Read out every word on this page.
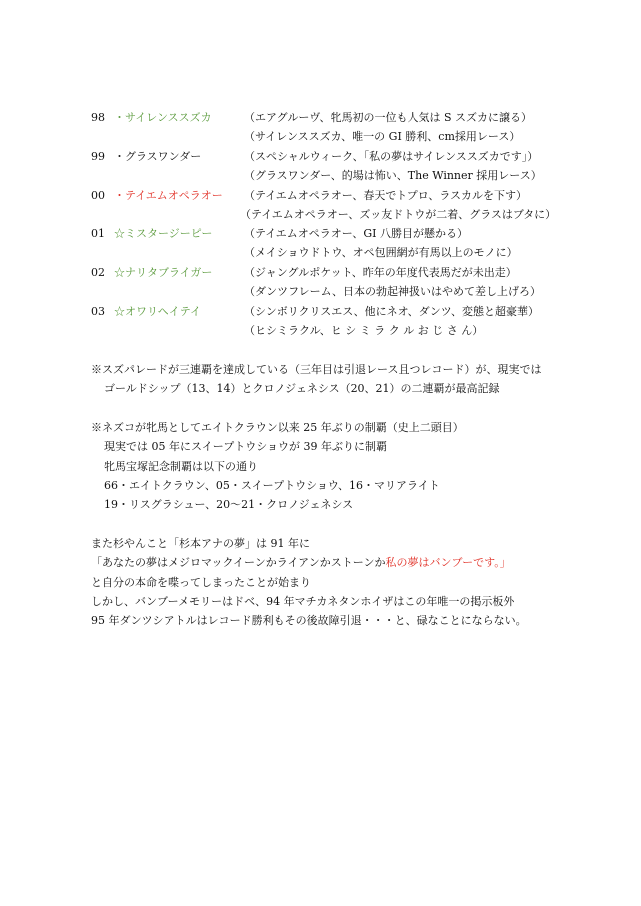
98 ・サイレンススズカ	（エアグルーヴ、牝馬初の一位も人気は S スズカに譲る）
（サイレンススズカ、唯一の GI 勝利、cm採用レース）
99 ・グラスワンダー	（スペシャルウィーク、「私の夢はサイレンススズカです」）
（グラスワンダー、的場は怖い、The Winner 採用レース）
00 ・テイエムオペラオー （テイエムオペラオー、春天でトプロ、ラスカルを下す）
（テイエムオペラオー、ズッ友ドトウが二着、グラスはブタに）
01 ☆ミスタージーピー	（テイエムオペラオー、GI 八勝目が懸かる）
（メイショウドトウ、オペ包囲網が有馬以上のモノに）
02 ☆ナリタブライガー	（ジャングルポケット、昨年の年度代表馬だが未出走）
（ダンツフレーム、日本の勃起神扱いはやめて差し上げろ）
03 ☆オワリヘイテイ	（シンボリクリスエス、他にネオ、ダンツ、変態と超豪華）
（ヒシミラクル、ヒ シ ミ ラ ク ル お じ さ ん）
※スズパレードが三連覇を達成している（三年目は引退レース且つレコード）が、現実では
ゴールドシップ（13、14）とクロノジェネシス（20、21）の二連覇が最高記録
※ネズコが牝馬としてエイトクラウン以来 25 年ぶりの制覇（史上二頭目）
現実では 05 年にスイープトウショウが 39 年ぶりに制覇
牝馬宝塚記念制覇は以下の通り
66・エイトクラウン、05・スイープトウショウ、16・マリアライト
19・リスグラシュー、20〜21・クロノジェネシス
また杉やんこと「杉本アナの夢」は 91 年に
「あなたの夢はメジロマックイーンかライアンかストーンか私の夢はバンブーです。」
と自分の本命を喋ってしまったことが始まり
しかし、バンブーメモリーはドベ、94 年マチカネタンホイザはこの年唯一の掲示板外
95 年ダンツシアトルはレコード勝利もその後故障引退・・・と、碌なことにならない。
